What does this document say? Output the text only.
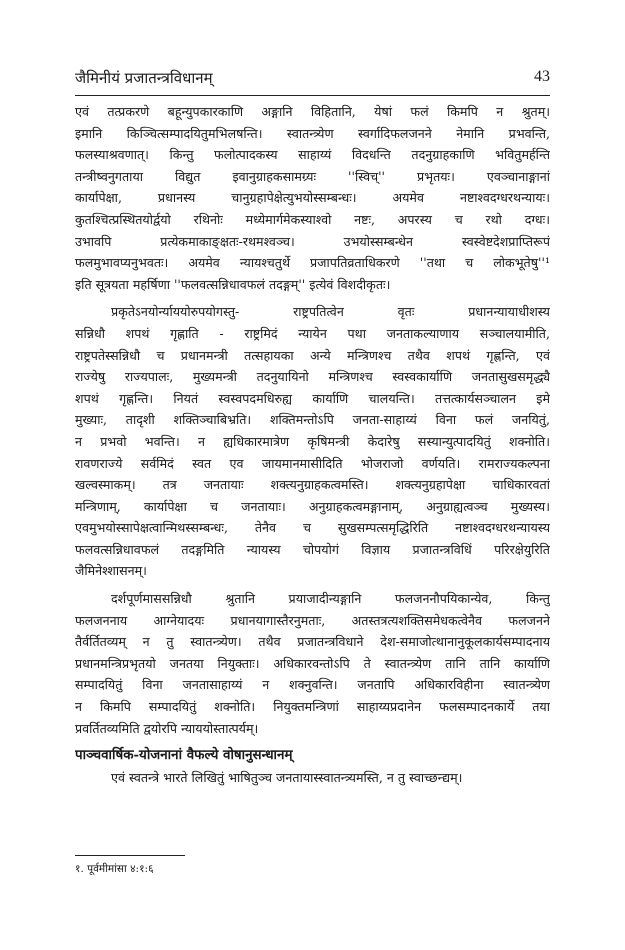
जैमिनीयं प्रजातन्त्रविधानम्	43
एवं तत्प्रकरणे बहून्युपकारकाणि अङ्गानि विहितानि, येषां फलं किमपि न श्रुतम्।
इमानि किञ्चित्सम्पादयितुमभिलषन्ति। स्वातन्त्र्येण स्वर्गादिफलजनने नेमानि प्रभवन्ति,
फलस्याश्रवणात्। किन्तु फलोत्पादकस्य साहाय्यं विदधन्ति तदनुग्राहकाणि भवितुमर्हन्ति
तन्त्रीष्वनुगताया विद्युत इवानुग्राहकसामग्र्यः ''स्विच्'' प्रभृतयः। एवञ्चानाङ्गानां
कार्यापेक्षा, प्रधानस्य चानुग्रहापेक्षेत्युभयोस्सम्बन्धः। अयमेव नष्टाश्वदग्धरथन्यायः।
कुतश्चित्प्रस्थितयोर्द्वयो रथिनोः मध्येमार्गमेकस्याश्वो नष्टः, अपरस्य च रथो दग्धः।
उभावपि प्रत्येकमाकाङ्क्षतः-रथमश्वञ्च। उभयोस्सम्बन्धेन स्वस्वेष्टदेशप्राप्तिरूपं
फलमुभावप्यनुभवतः। अयमेव न्यायश्चतुर्थे प्रजापतिव्रताधिकरणे ''तथा च लोकभूतेषु''¹
इति सूत्रयता महर्षिणा ''फलवत्सन्निधावफलं तदङ्गम्'' इत्येवं विशदीकृतः।
प्रकृतेऽनयोर्न्याययोरुपयोगस्तु- राष्ट्रपतित्वेन वृतः प्रधानन्यायाधीशस्य
सन्निधौ शपथं गृह्णाति - राष्ट्रमिदं न्यायेन पथा जनताकल्याणाय सञ्चालयामीति,
राष्ट्रपतेस्सन्निधौ च प्रधानमन्त्री तत्सहायका अन्ये मन्त्रिणश्च तथैव शपथं गृह्णन्ति, एवं
राज्येषु राज्यपालः, मुख्यमन्त्री तदनुयायिनो मन्त्रिणश्च स्वस्वकार्याणि जनतासुखसमृद्ध्यै
शपथं गृह्णन्ति। नियतं स्वस्वपदमधिरुह्य कार्याणि चालयन्ति। तत्तत्कार्यसञ्चालन इमे
मुख्याः, तादृशी शक्तिञ्चाबिभ्रति। शक्तिमन्तोऽपि जनता-साहाय्यं विना फलं जनयितुं,
न प्रभवो भवन्ति। न ह्यधिकारमात्रेण कृषिमन्त्री केदारेषु सस्यान्युत्पादयितुं शक्नोति।
रावणराज्ये सर्वमिदं स्वत एव जायमानमासीदिति भोजराजो वर्णयति। रामराज्यकल्पना
खल्वस्माकम्। तत्र जनतायाः शक्त्यनुग्राहकत्वमस्ति। शक्त्यनुग्रहापेक्षा चाधिकारवतां
मन्त्रिणाम्, कार्यापेक्षा च जनतायाः। अनुग्राहकत्वमङ्गानाम्, अनुग्राह्यत्वञ्च मुख्यस्य।
एवमुभयोस्सापेक्षत्वान्मिथस्सम्बन्धः, तेनैव च सुखसम्पत्समृद्धिरिति नष्टाश्वदग्धरथन्यायस्य
फलवत्सन्निधावफलं तदङ्गमिति न्यायस्य चोपयोगं विज्ञाय प्रजातन्त्रविधिं परिरक्षेयुरिति
जैमिनेश्शासनम्।
दर्शपूर्णमाससन्निधौ श्रुतानि प्रयाजादीन्यङ्गानि फलजननौपयिकान्येव, किन्तु
फलजननाय आग्नेयादयः प्रधानयागास्तैरनुमताः, अतस्तत्रत्यशक्तिसमेधकत्वेनैव फलजनने
तैर्वर्तितव्यम् न तु स्वातन्त्र्येण। तथैव प्रजातन्त्रविधाने देश-समाजोत्थानानुकूलकार्यसम्पादनाय
प्रधानमन्त्रिप्रभृतयो जनतया नियुक्ताः। अधिकारवन्तोऽपि ते स्वातन्त्र्येण तानि तानि कार्याणि
सम्पादयितुं विना जनतासाहाय्यं न शक्नुवन्ति। जनतापि अधिकारविहीना स्वातन्त्र्येण
न किमपि सम्पादयितुं शक्नोति। नियुक्तमन्त्रिणां साहाय्यप्रदानेन फलसम्पादनकार्ये तया
प्रवर्तितव्यमिति द्वयोरपि न्याययोस्तात्पर्यम्।
पाञ्चवार्षिक-योजनानां वैफल्ये वोषानुसन्धानम्
एवं स्वतन्त्रे भारते लिखितुं भाषितुञ्च जनतायास्स्वातन्त्र्यमस्ति, न तु स्वाच्छन्द्यम्।
१. पूर्वमीमांसा ४:१:६
